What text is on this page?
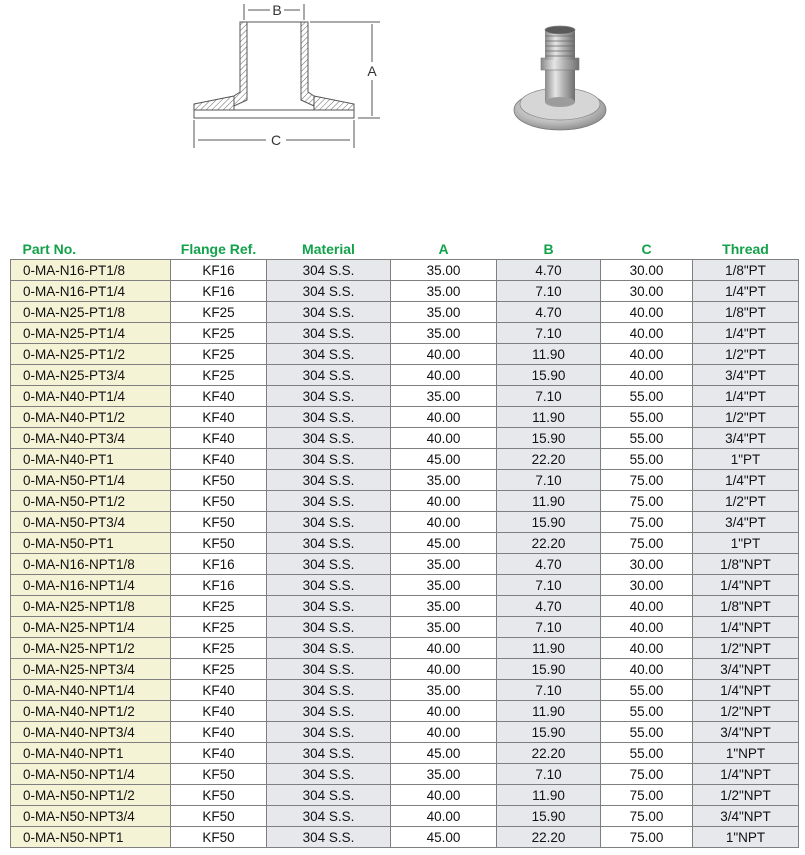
B
A
C
Part No.	Flange Ref.	Material	A	B	C	Thread
0-MA-N16-PT1/8	KF16	304 S.S.	35.00	4.70	30.00	1/8"PT
0-MA-N16-PT1/4	KF16	304 S.S.	35.00	7.10	30.00	1/4"PT
0-MA-N25-PT1/8	KF25	304 S.S.	35.00	4.70	40.00	1/8"PT
0-MA-N25-PT1/4	KF25	304 S.S.	35.00	7.10	40.00	1/4"PT
0-MA-N25-PT1/2	KF25	304 S.S.	40.00	11.90	40.00	1/2"PT
0-MA-N25-PT3/4	KF25	304 S.S.	40.00	15.90	40.00	3/4"PT
0-MA-N40-PT1/4	KF40	304 S.S.	35.00	7.10	55.00	1/4"PT
0-MA-N40-PT1/2	KF40	304 S.S.	40.00	11.90	55.00	1/2"PT
0-MA-N40-PT3/4	KF40	304 S.S.	40.00	15.90	55.00	3/4"PT
0-MA-N40-PT1	KF40	304 S.S.	45.00	22.20	55.00	1"PT
0-MA-N50-PT1/4	KF50	304 S.S.	35.00	7.10	75.00	1/4"PT
0-MA-N50-PT1/2	KF50	304 S.S.	40.00	11.90	75.00	1/2"PT
0-MA-N50-PT3/4	KF50	304 S.S.	40.00	15.90	75.00	3/4"PT
0-MA-N50-PT1	KF50	304 S.S.	45.00	22.20	75.00	1"PT
0-MA-N16-NPT1/8	KF16	304 S.S.	35.00	4.70	30.00	1/8"NPT
0-MA-N16-NPT1/4	KF16	304 S.S.	35.00	7.10	30.00	1/4"NPT
0-MA-N25-NPT1/8	KF25	304 S.S.	35.00	4.70	40.00	1/8"NPT
0-MA-N25-NPT1/4	KF25	304 S.S.	35.00	7.10	40.00	1/4"NPT
0-MA-N25-NPT1/2	KF25	304 S.S.	40.00	11.90	40.00	1/2"NPT
0-MA-N25-NPT3/4	KF25	304 S.S.	40.00	15.90	40.00	3/4"NPT
0-MA-N40-NPT1/4	KF40	304 S.S.	35.00	7.10	55.00	1/4"NPT
0-MA-N40-NPT1/2	KF40	304 S.S.	40.00	11.90	55.00	1/2"NPT
0-MA-N40-NPT3/4	KF40	304 S.S.	40.00	15.90	55.00	3/4"NPT
0-MA-N40-NPT1	KF40	304 S.S.	45.00	22.20	55.00	1"NPT
0-MA-N50-NPT1/4	KF50	304 S.S.	35.00	7.10	75.00	1/4"NPT
0-MA-N50-NPT1/2	KF50	304 S.S.	40.00	11.90	75.00	1/2"NPT
0-MA-N50-NPT3/4	KF50	304 S.S.	40.00	15.90	75.00	3/4"NPT
0-MA-N50-NPT1	KF50	304 S.S.	45.00	22.20	75.00	1"NPT
